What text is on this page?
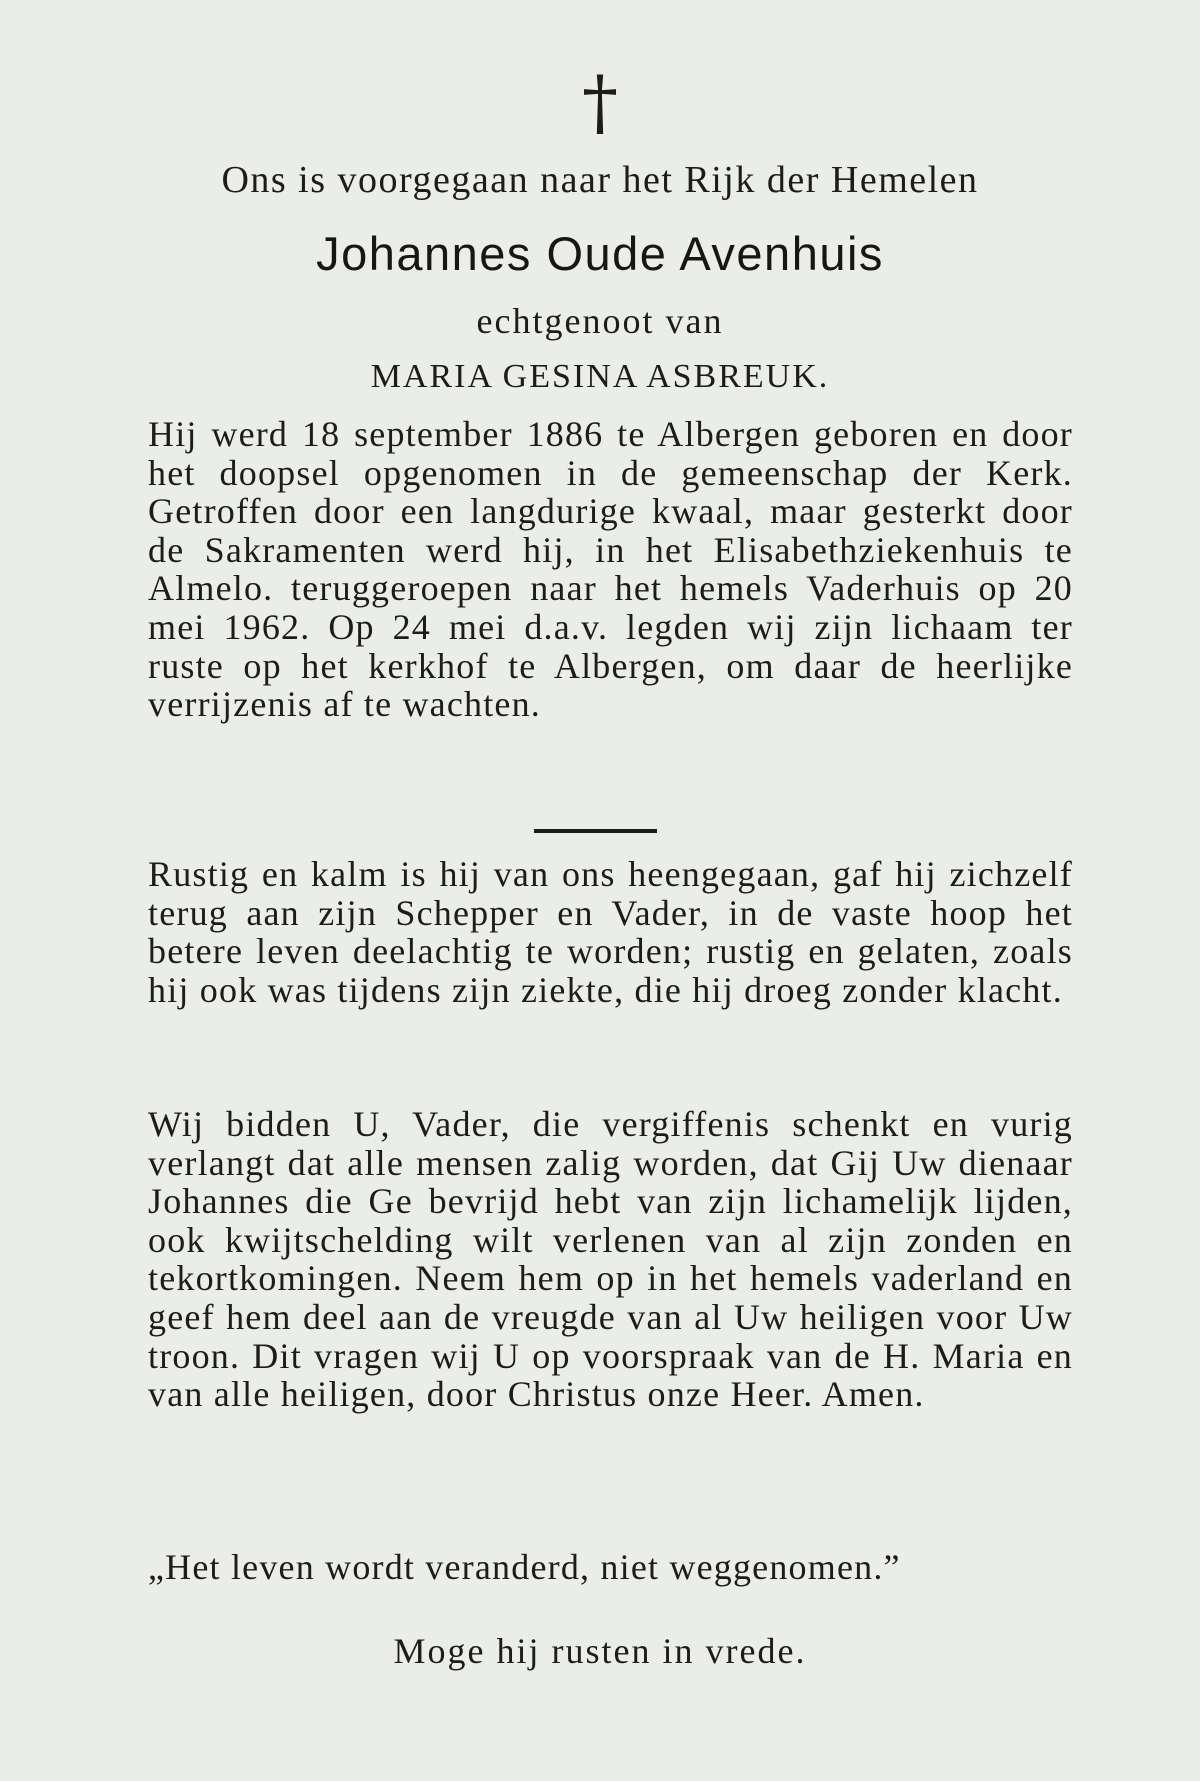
†
Ons is voorgegaan naar het Rijk der Hemelen
Johannes Oude Avenhuis
echtgenoot van
MARIA GESINA ASBREUK.

Hij werd 18 september 1886 te Albergen geboren en door het doopsel opgenomen in de gemeenschap der Kerk. Getroffen door een langdurige kwaal, maar gesterkt door de Sakramenten werd hij, in het Elisabethziekenhuis te Almelo. teruggeroepen naar het hemels Vaderhuis op 20 mei 1962. Op 24 mei d.a.v. legden wij zijn lichaam ter ruste op het kerkhof te Albergen, om daar de heerlijke verrijzenis af te wachten.

Rustig en kalm is hij van ons heengegaan, gaf hij zichzelf terug aan zijn Schepper en Vader, in de vaste hoop het betere leven deelachtig te worden; rustig en gelaten, zoals hij ook was tijdens zijn ziekte, die hij droeg zonder klacht.

Wij bidden U, Vader, die vergiffenis schenkt en vurig verlangt dat alle mensen zalig worden, dat Gij Uw dienaar Johannes die Ge bevrijd hebt van zijn lichamelijk lijden, ook kwijtschelding wilt verlenen van al zijn zonden en tekortkomingen. Neem hem op in het hemels vaderland en geef hem deel aan de vreugde van al Uw heiligen voor Uw troon. Dit vragen wij U op voorspraak van de H. Maria en van alle heiligen, door Christus onze Heer. Amen.

„Het leven wordt veranderd, niet weggenomen.”

Moge hij rusten in vrede.
